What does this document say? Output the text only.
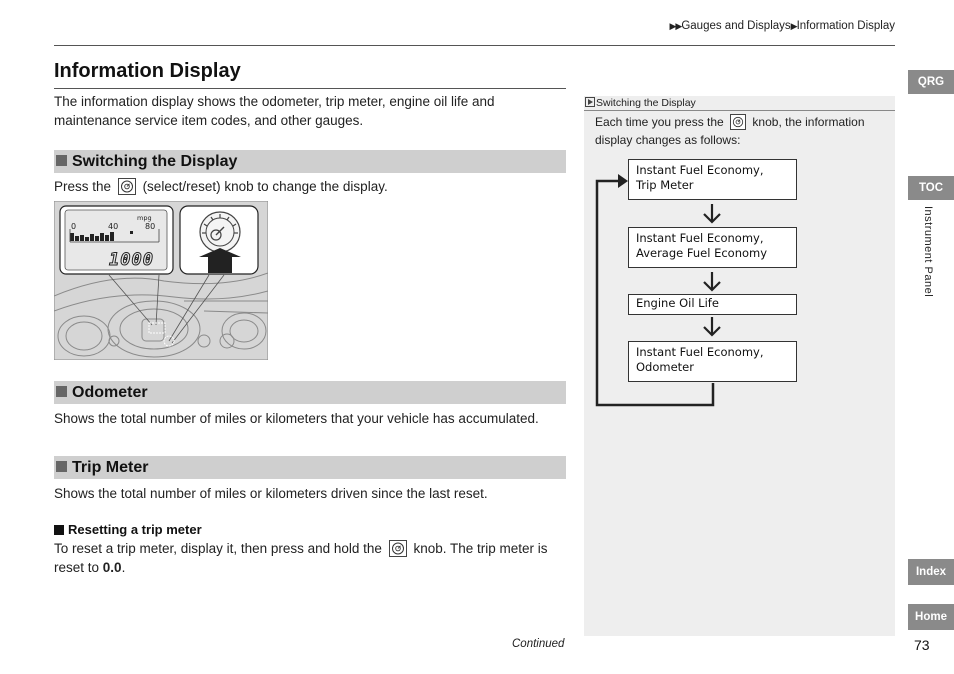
▶▶Gauges and Displays▶Information Display
Information Display

The information display shows the odometer, trip meter, engine oil life and maintenance service item codes, and other gauges.

Switching the Display

Press the (select/reset) knob to change the display.

0	40	80
mpg
1000
Odometer

Shows the total number of miles or kilometers that your vehicle has accumulated.

Trip Meter

Shows the total number of miles or kilometers driven since the last reset.

Resetting a trip meter

To reset a trip meter, display it, then press and hold the knob. The trip meter is reset to 0.0.

Continued
Switching the Display

Each time you press the knob, the information display changes as follows:

Instant Fuel Economy,
Trip Meter
Instant Fuel Economy,
Average Fuel Economy
Engine Oil Life
Instant Fuel Economy,
Odometer
QRG
TOC
Instrument Panel
Index
Home
73
